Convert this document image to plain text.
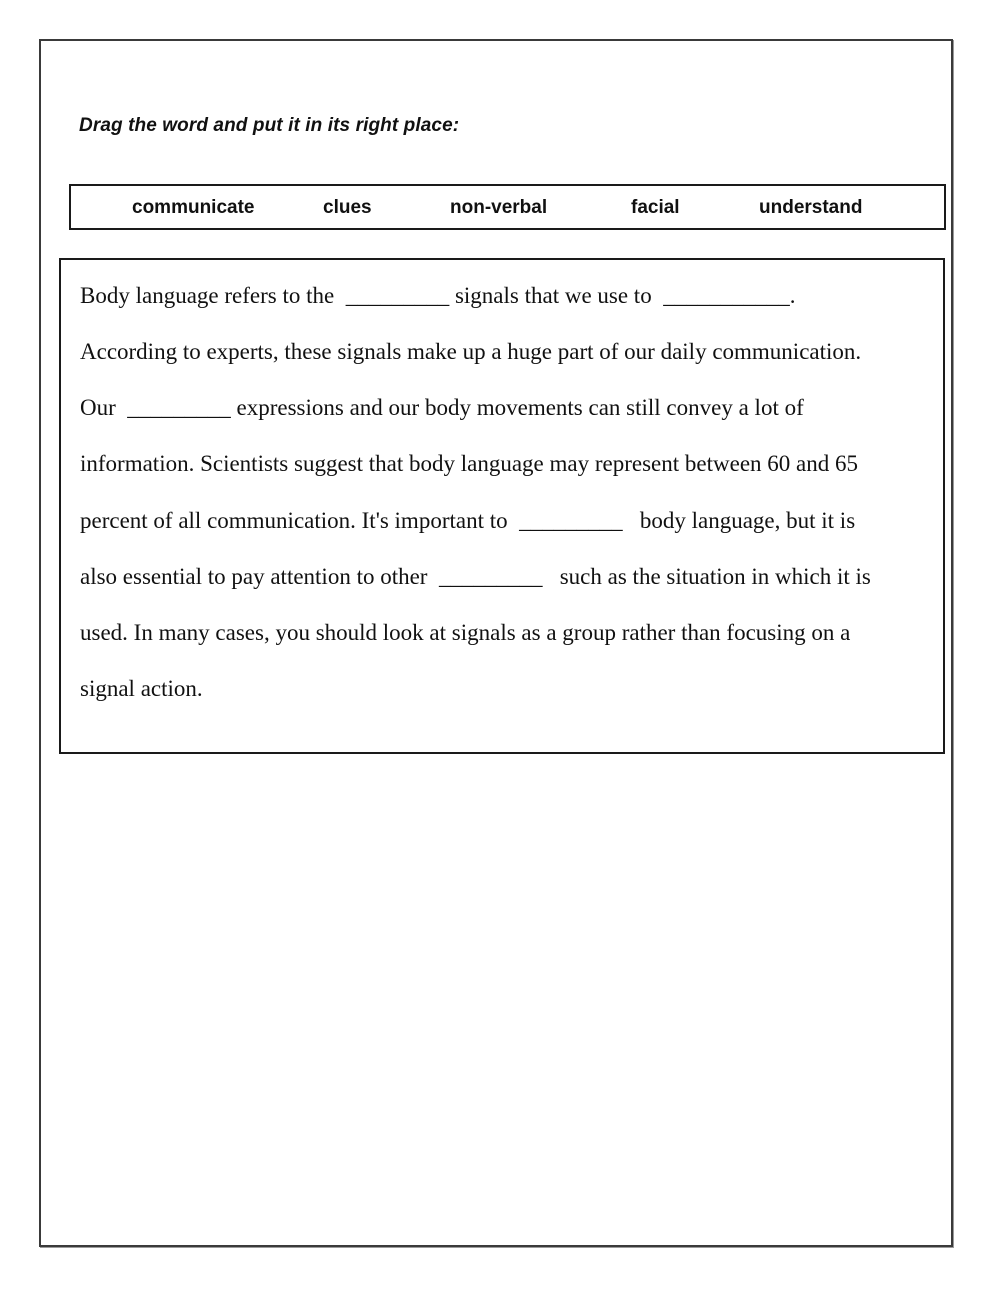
Drag the word and put it in its right place:
communicate	clues	non-verbal	facial	understand
Body language refers to the  _________ signals that we use to  ___________.
According to experts, these signals make up a huge part of our daily communication.
Our  _________ expressions and our body movements can still convey a lot of
information. Scientists suggest that body language may represent between 60 and 65
percent of all communication. It's important to  _________   body language, but it is
also essential to pay attention to other  _________   such as the situation in which it is
used. In many cases, you should look at signals as a group rather than focusing on a
signal action.
